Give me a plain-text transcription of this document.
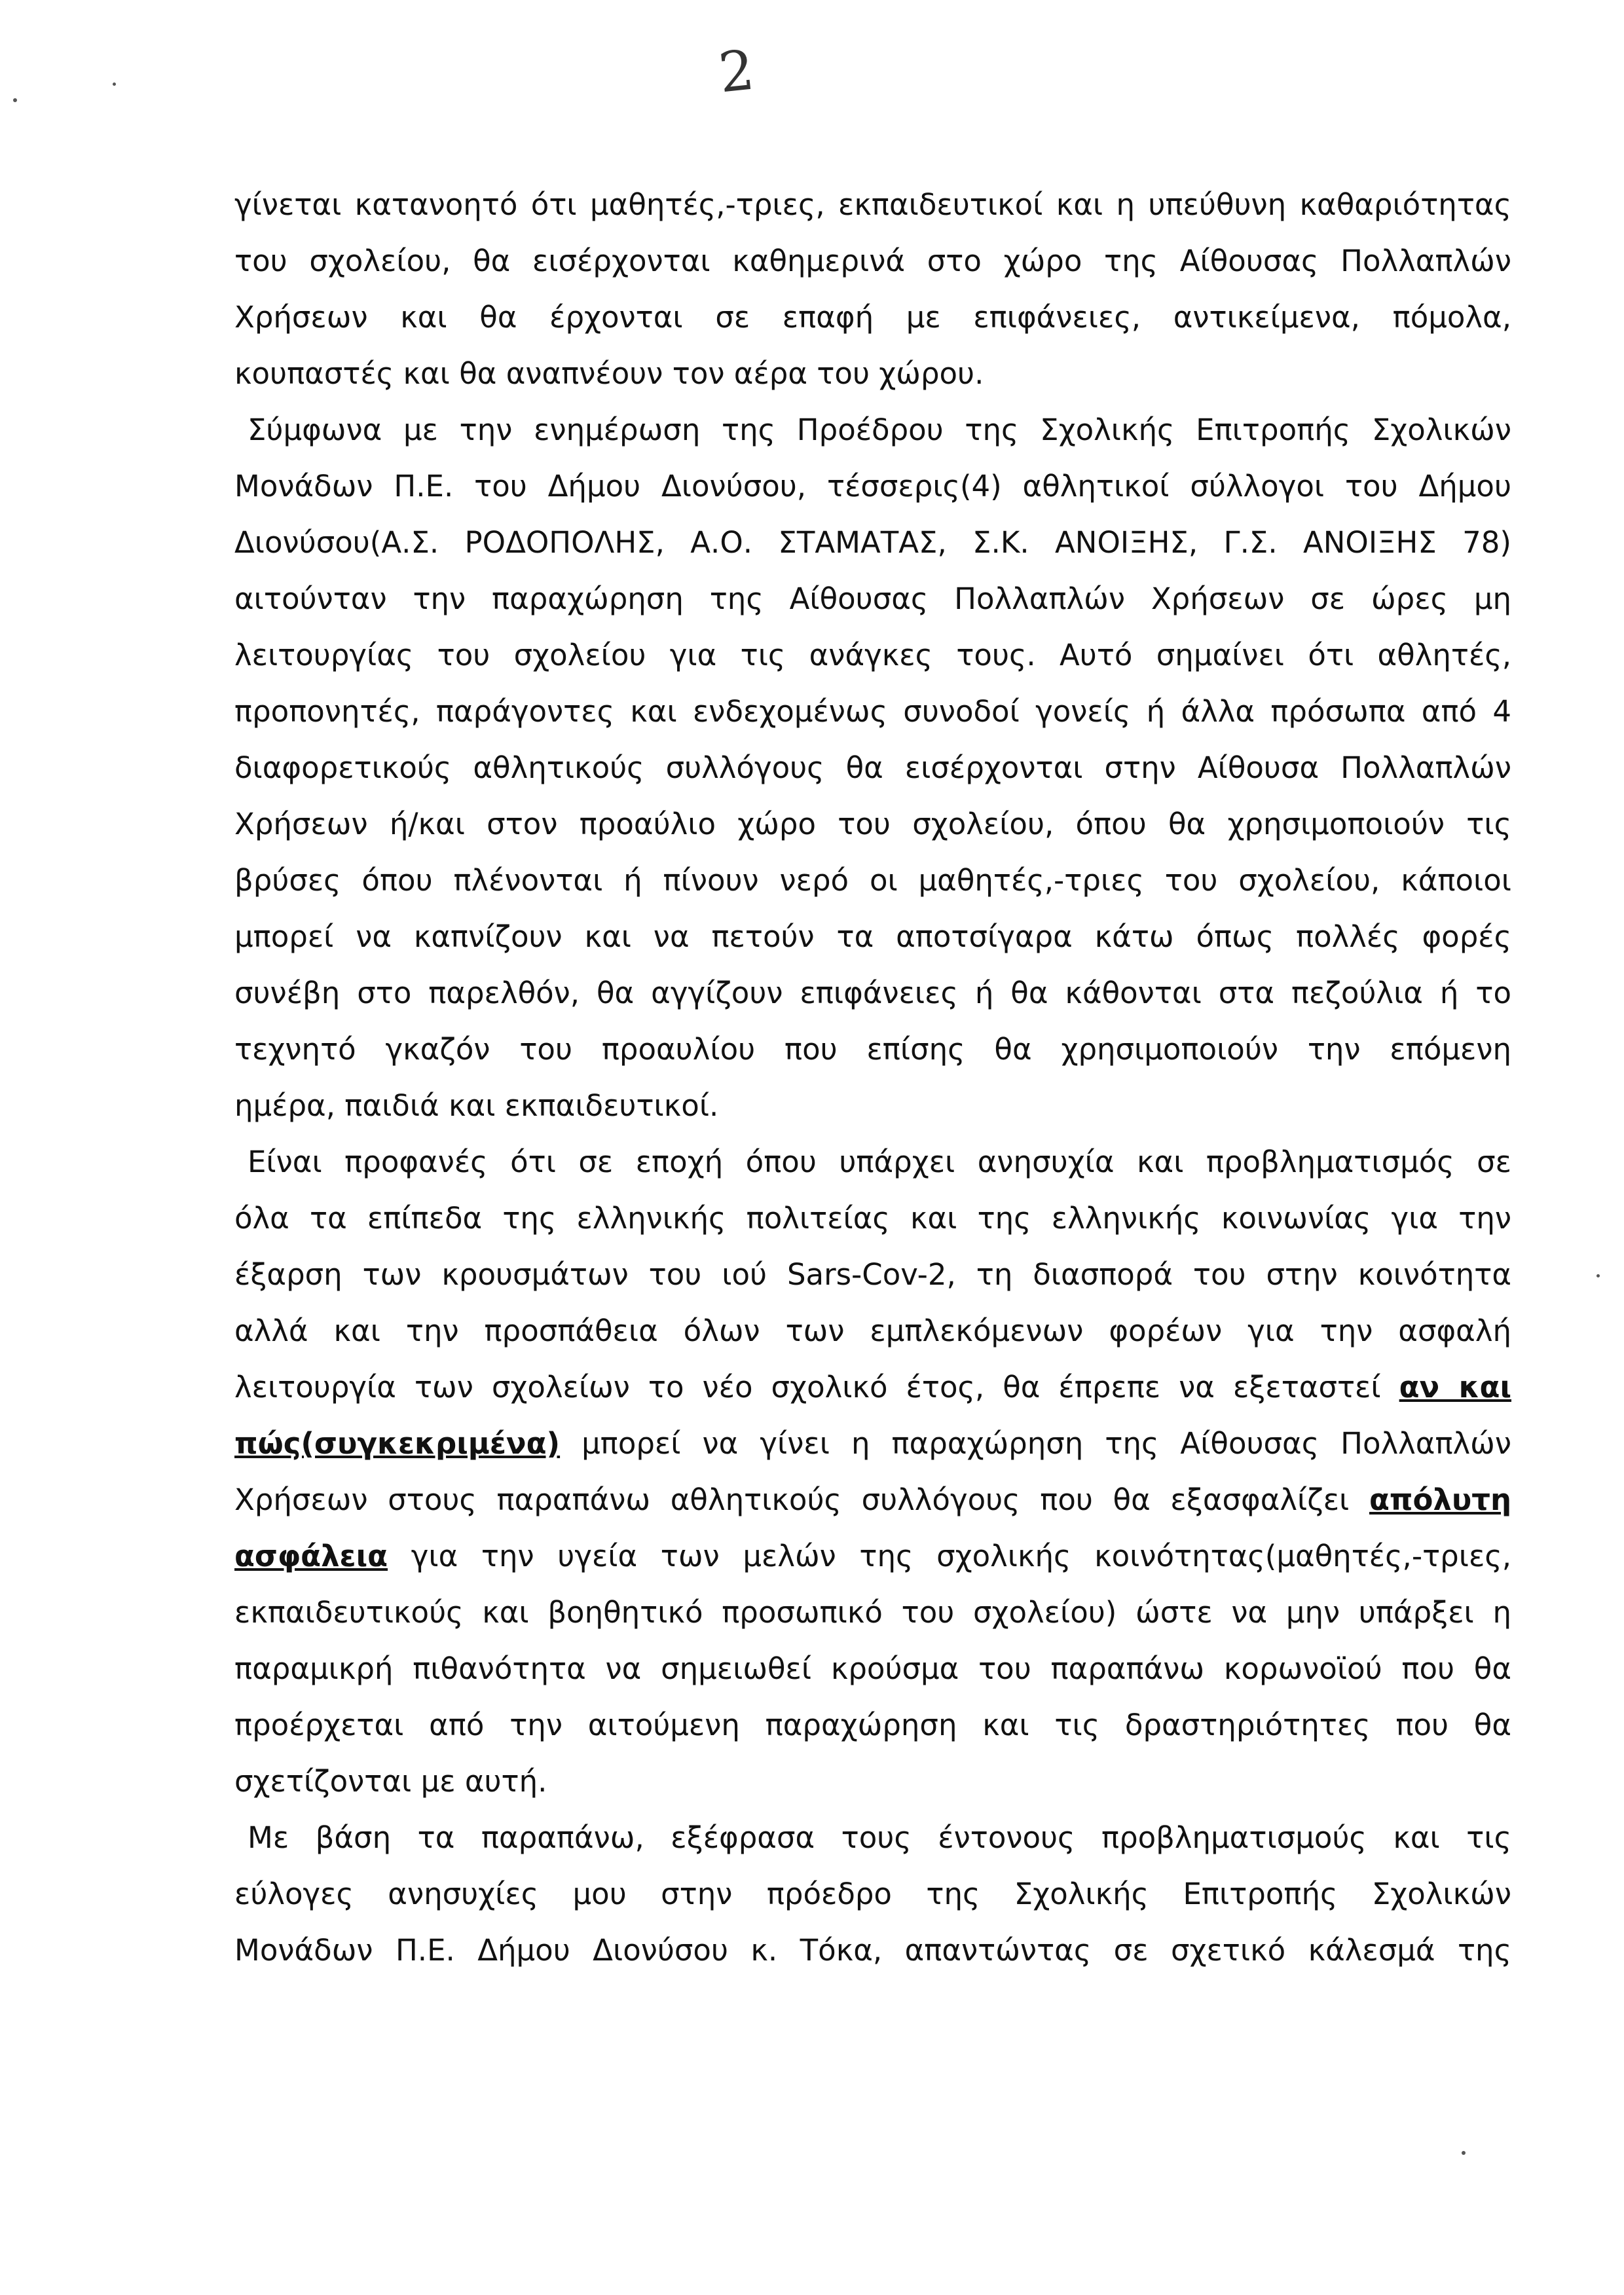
2
γίνεται κατανοητό ότι μαθητές,-τριες, εκπαιδευτικοί και η υπεύθυνη καθαριότητας
του σχολείου, θα εισέρχονται καθημερινά στο χώρο της Αίθουσας Πολλαπλών
Χρήσεων και θα έρχονται σε επαφή με επιφάνειες, αντικείμενα, πόμολα,
κουπαστές και θα αναπνέουν τον αέρα του χώρου.
Σύμφωνα με την ενημέρωση της Προέδρου της Σχολικής Επιτροπής Σχολικών
Μονάδων Π.Ε. του Δήμου Διονύσου, τέσσερις(4) αθλητικοί σύλλογοι του Δήμου
Διονύσου(Α.Σ. ΡΟΔΟΠΟΛΗΣ, Α.Ο. ΣΤΑΜΑΤΑΣ, Σ.Κ. ΑΝΟΙΞΗΣ, Γ.Σ. ΑΝΟΙΞΗΣ 78)
αιτούνταν την παραχώρηση της Αίθουσας Πολλαπλών Χρήσεων σε ώρες μη
λειτουργίας του σχολείου για τις ανάγκες τους. Αυτό σημαίνει ότι αθλητές,
προπονητές, παράγοντες και ενδεχομένως συνοδοί γονείς ή άλλα πρόσωπα από 4
διαφορετικούς αθλητικούς συλλόγους θα εισέρχονται στην Αίθουσα Πολλαπλών
Χρήσεων ή/και στον προαύλιο χώρο του σχολείου, όπου θα χρησιμοποιούν τις
βρύσες όπου πλένονται ή πίνουν νερό οι μαθητές,-τριες του σχολείου, κάποιοι
μπορεί να καπνίζουν και να πετούν τα αποτσίγαρα κάτω όπως πολλές φορές
συνέβη στο παρελθόν, θα αγγίζουν επιφάνειες ή θα κάθονται στα πεζούλια ή το
τεχνητό γκαζόν του προαυλίου που επίσης θα χρησιμοποιούν την επόμενη
ημέρα, παιδιά και εκπαιδευτικοί.
Είναι προφανές ότι σε εποχή όπου υπάρχει ανησυχία και προβληματισμός σε
όλα τα επίπεδα της ελληνικής πολιτείας και της ελληνικής κοινωνίας για την
έξαρση των κρουσμάτων του ιού Sars-Cov-2, τη διασπορά του στην κοινότητα
αλλά και την προσπάθεια όλων των εμπλεκόμενων φορέων για την ασφαλή
λειτουργία των σχολείων το νέο σχολικό έτος, θα έπρεπε να εξεταστεί αν και
πώς(συγκεκριμένα) μπορεί να γίνει η παραχώρηση της Αίθουσας Πολλαπλών
Χρήσεων στους παραπάνω αθλητικούς συλλόγους που θα εξασφαλίζει απόλυτη
ασφάλεια για την υγεία των μελών της σχολικής κοινότητας(μαθητές,-τριες,
εκπαιδευτικούς και βοηθητικό προσωπικό του σχολείου) ώστε να μην υπάρξει η
παραμικρή πιθανότητα να σημειωθεί κρούσμα του παραπάνω κορωνοϊού που θα
προέρχεται από την αιτούμενη παραχώρηση και τις δραστηριότητες που θα
σχετίζονται με αυτή.
Με βάση τα παραπάνω, εξέφρασα τους έντονους προβληματισμούς και τις
εύλογες ανησυχίες μου στην πρόεδρο της Σχολικής Επιτροπής Σχολικών
Μονάδων Π.Ε. Δήμου Διονύσου κ. Τόκα, απαντώντας σε σχετικό κάλεσμά της
